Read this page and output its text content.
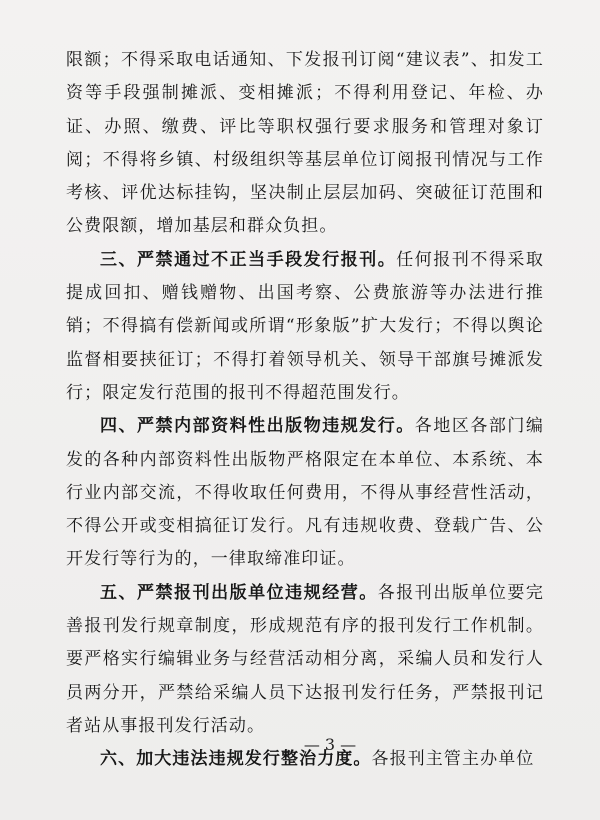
限额；不得采取电话通知、下发报刊订阅“建议表”、扣发工资等手段强制摊派、变相摊派；不得利用登记、年检、办证、办照、缴费、评比等职权强行要求服务和管理对象订阅；不得将乡镇、村级组织等基层单位订阅报刊情况与工作考核、评优达标挂钩，坚决制止层层加码、突破征订范围和公费限额，增加基层和群众负担。

三、严禁通过不正当手段发行报刊。任何报刊不得采取提成回扣、赠钱赠物、出国考察、公费旅游等办法进行推销；不得搞有偿新闻或所谓“形象版”扩大发行；不得以舆论监督相要挟征订；不得打着领导机关、领导干部旗号摊派发行；限定发行范围的报刊不得超范围发行。

四、严禁内部资料性出版物违规发行。各地区各部门编发的各种内部资料性出版物严格限定在本单位、本系统、本行业内部交流，不得收取任何费用，不得从事经营性活动，不得公开或变相搞征订发行。凡有违规收费、登载广告、公开发行等行为的，一律取缔准印证。

五、严禁报刊出版单位违规经营。各报刊出版单位要完善报刊发行规章制度，形成规范有序的报刊发行工作机制。要严格实行编辑业务与经营活动相分离，采编人员和发行人员两分开，严禁给采编人员下达报刊发行任务，严禁报刊记者站从事报刊发行活动。

六、加大违法违规发行整治力度。各报刊主管主办单位

— 3 —
